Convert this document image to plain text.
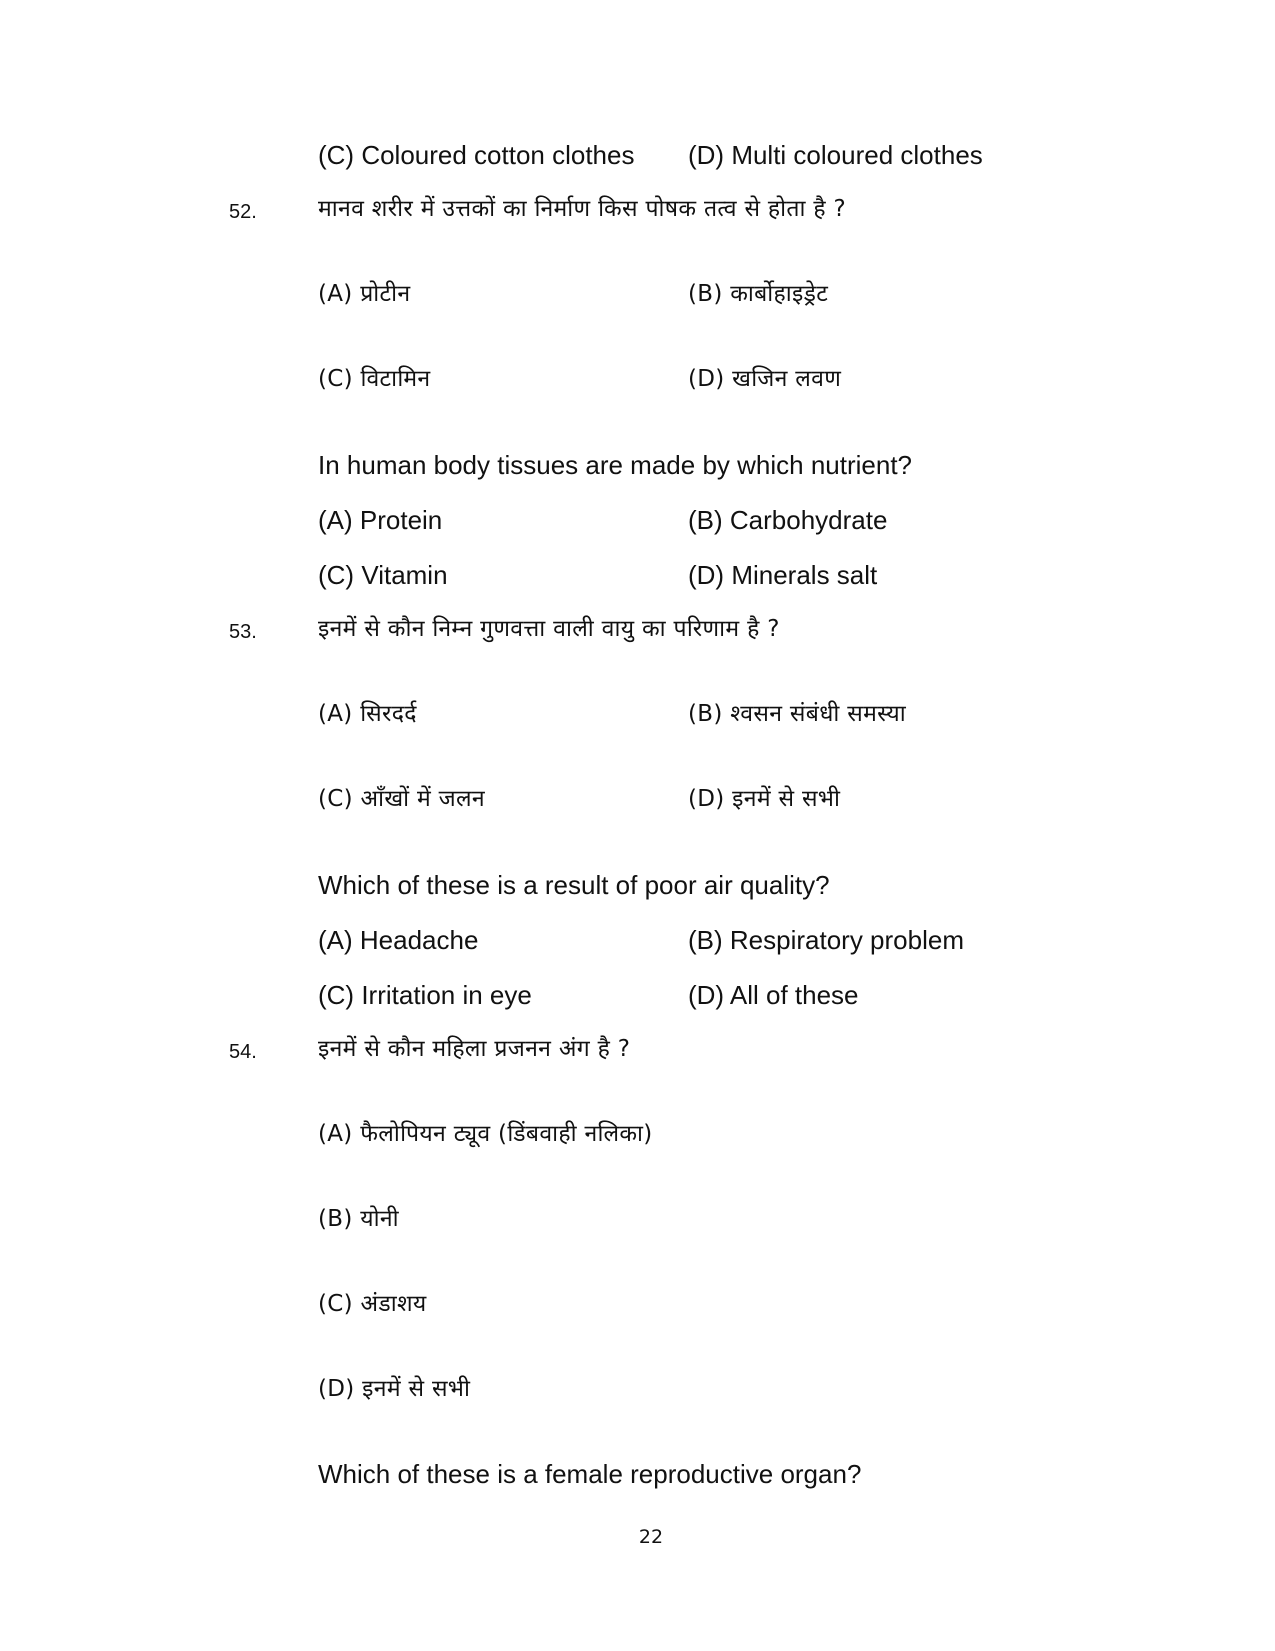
(C) Coloured cotton clothes (D) Multi coloured clothes
52.	मानव शरीर में उत्तकों का निर्माण किस पोषक तत्व से होता है ?
(A) प्रोटीन	(B) कार्बोहाइड्रेट
(C) विटामिन	(D) खजिन लवण
In human body tissues are made by which nutrient?
(A) Protein	(B) Carbohydrate
(C) Vitamin	(D) Minerals salt
53.	इनमें से कौन निम्न गुणवत्ता वाली वायु का परिणाम है ?
(A) सिरदर्द	(B) श्वसन संबंधी समस्या
(C) आँखों में जलन	(D) इनमें से सभी
Which of these is a result of poor air quality?
(A) Headache	(B) Respiratory problem
(C) Irritation in eye	(D) All of these
54.	इनमें से कौन महिला प्रजनन अंग है ?
(A) फैलोपियन ट्यूव (डिंबवाही नलिका)
(B) योनी
(C) अंडाशय
(D) इनमें से सभी
Which of these is a female reproductive organ?
22
